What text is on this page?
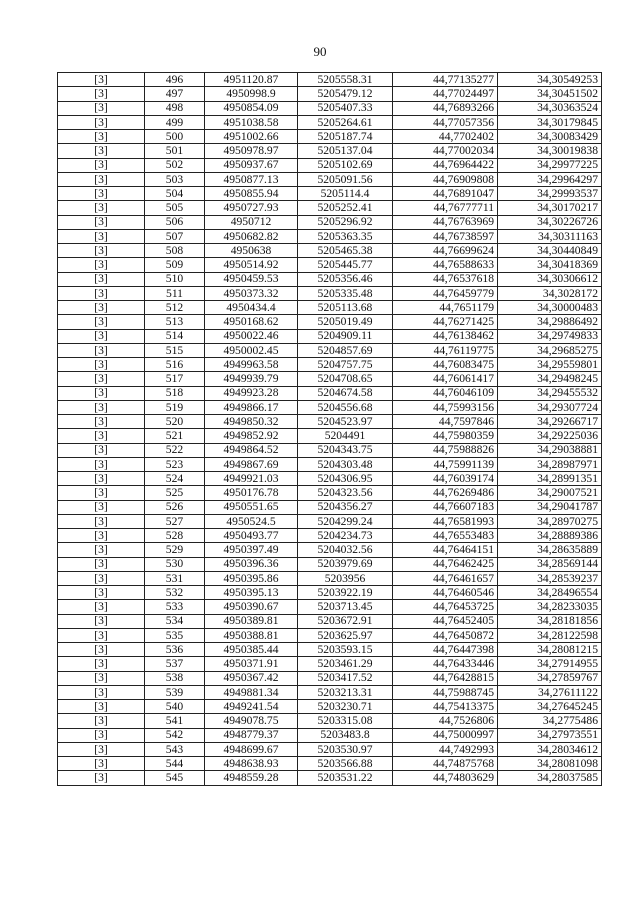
90
[3]	496	4951120.87	5205558.31	44,77135277	34,30549253
[3]	497	4950998.9	5205479.12	44,77024497	34,30451502
[3]	498	4950854.09	5205407.33	44,76893266	34,30363524
[3]	499	4951038.58	5205264.61	44,77057356	34,30179845
[3]	500	4951002.66	5205187.74	44,7702402	34,30083429
[3]	501	4950978.97	5205137.04	44,77002034	34,30019838
[3]	502	4950937.67	5205102.69	44,76964422	34,29977225
[3]	503	4950877.13	5205091.56	44,76909808	34,29964297
[3]	504	4950855.94	5205114.4	44,76891047	34,29993537
[3]	505	4950727.93	5205252.41	44,76777711	34,30170217
[3]	506	4950712	5205296.92	44,76763969	34,30226726
[3]	507	4950682.82	5205363.35	44,76738597	34,30311163
[3]	508	4950638	5205465.38	44,76699624	34,30440849
[3]	509	4950514.92	5205445.77	44,76588633	34,30418369
[3]	510	4950459.53	5205356.46	44,76537618	34,30306612
[3]	511	4950373.32	5205335.48	44,76459779	34,3028172
[3]	512	4950434.4	5205113.68	44,7651179	34,30000483
[3]	513	4950168.62	5205019.49	44,76271425	34,29886492
[3]	514	4950022.46	5204909.11	44,76138462	34,29749833
[3]	515	4950002.45	5204857.69	44,76119775	34,29685275
[3]	516	4949963.58	5204757.75	44,76083475	34,29559801
[3]	517	4949939.79	5204708.65	44,76061417	34,29498245
[3]	518	4949923.28	5204674.58	44,76046109	34,29455532
[3]	519	4949866.17	5204556.68	44,75993156	34,29307724
[3]	520	4949850.32	5204523.97	44,7597846	34,29266717
[3]	521	4949852.92	5204491	44,75980359	34,29225036
[3]	522	4949864.52	5204343.75	44,75988826	34,29038881
[3]	523	4949867.69	5204303.48	44,75991139	34,28987971
[3]	524	4949921.03	5204306.95	44,76039174	34,28991351
[3]	525	4950176.78	5204323.56	44,76269486	34,29007521
[3]	526	4950551.65	5204356.27	44,76607183	34,29041787
[3]	527	4950524.5	5204299.24	44,76581993	34,28970275
[3]	528	4950493.77	5204234.73	44,76553483	34,28889386
[3]	529	4950397.49	5204032.56	44,76464151	34,28635889
[3]	530	4950396.36	5203979.69	44,76462425	34,28569144
[3]	531	4950395.86	5203956	44,76461657	34,28539237
[3]	532	4950395.13	5203922.19	44,76460546	34,28496554
[3]	533	4950390.67	5203713.45	44,76453725	34,28233035
[3]	534	4950389.81	5203672.91	44,76452405	34,28181856
[3]	535	4950388.81	5203625.97	44,76450872	34,28122598
[3]	536	4950385.44	5203593.15	44,76447398	34,28081215
[3]	537	4950371.91	5203461.29	44,76433446	34,27914955
[3]	538	4950367.42	5203417.52	44,76428815	34,27859767
[3]	539	4949881.34	5203213.31	44,75988745	34,27611122
[3]	540	4949241.54	5203230.71	44,75413375	34,27645245
[3]	541	4949078.75	5203315.08	44,7526806	34,2775486
[3]	542	4948779.37	5203483.8	44,75000997	34,27973551
[3]	543	4948699.67	5203530.97	44,7492993	34,28034612
[3]	544	4948638.93	5203566.88	44,74875768	34,28081098
[3]	545	4948559.28	5203531.22	44,74803629	34,28037585
